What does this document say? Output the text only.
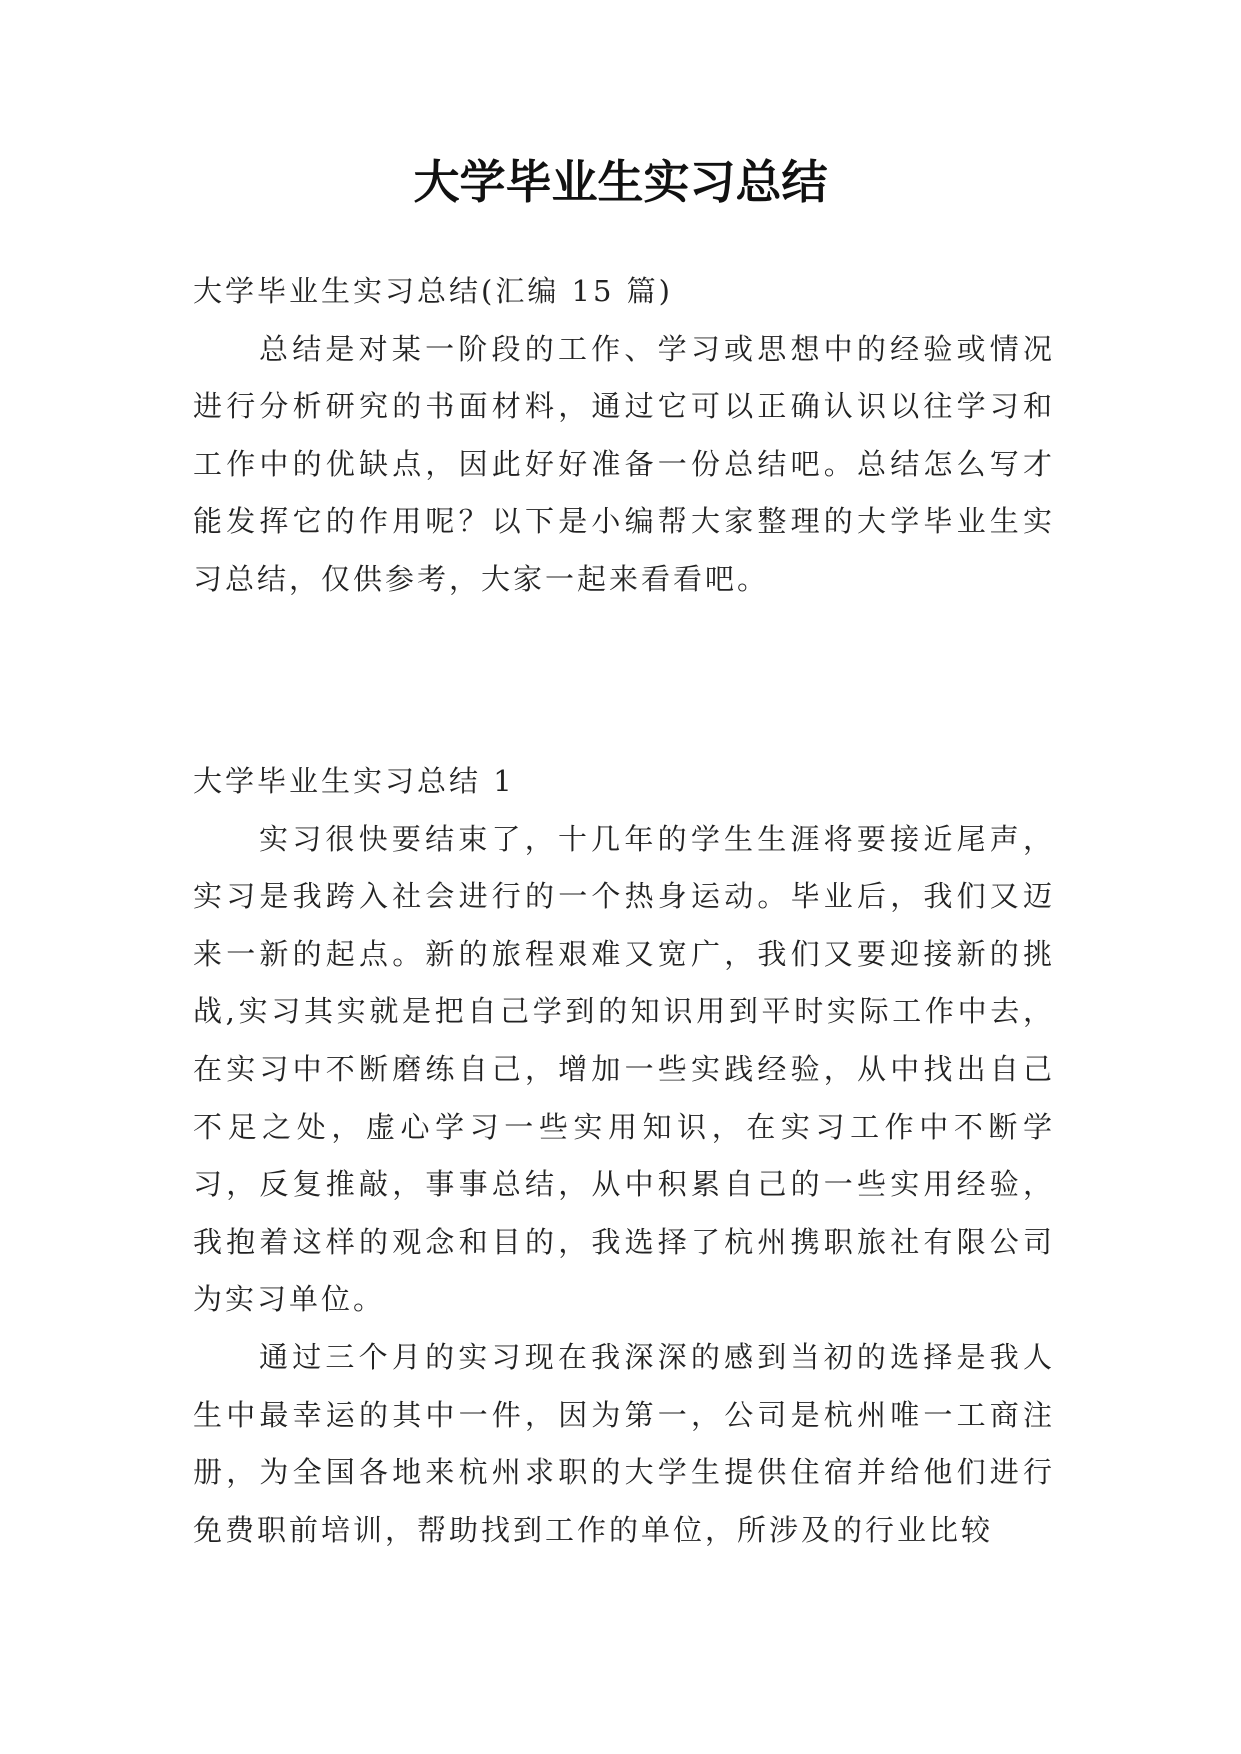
大学毕业生实习总结

大学毕业生实习总结(汇编 15 篇)

总结是对某一阶段的工作、学习或思想中的经验或情况进行分析研究的书面材料，通过它可以正确认识以往学习和工作中的优缺点，因此好好准备一份总结吧。总结怎么写才能发挥它的作用呢？以下是小编帮大家整理的大学毕业生实习总结，仅供参考，大家一起来看看吧。

大学毕业生实习总结 1

实习很快要结束了，十几年的学生生涯将要接近尾声，实习是我跨入社会进行的一个热身运动。毕业后，我们又迈来一新的起点。新的旅程艰难又宽广，我们又要迎接新的挑战,实习其实就是把自己学到的知识用到平时实际工作中去，在实习中不断磨练自己，增加一些实践经验，从中找出自己不足之处，虚心学习一些实用知识，在实习工作中不断学习，反复推敲，事事总结，从中积累自己的一些实用经验，我抱着这样的观念和目的，我选择了杭州携职旅社有限公司为实习单位。

通过三个月的实习现在我深深的感到当初的选择是我人生中最幸运的其中一件，因为第一，公司是杭州唯一工商注册，为全国各地来杭州求职的大学生提供住宿并给他们进行免费职前培训，帮助找到工作的单位，所涉及的行业比较
